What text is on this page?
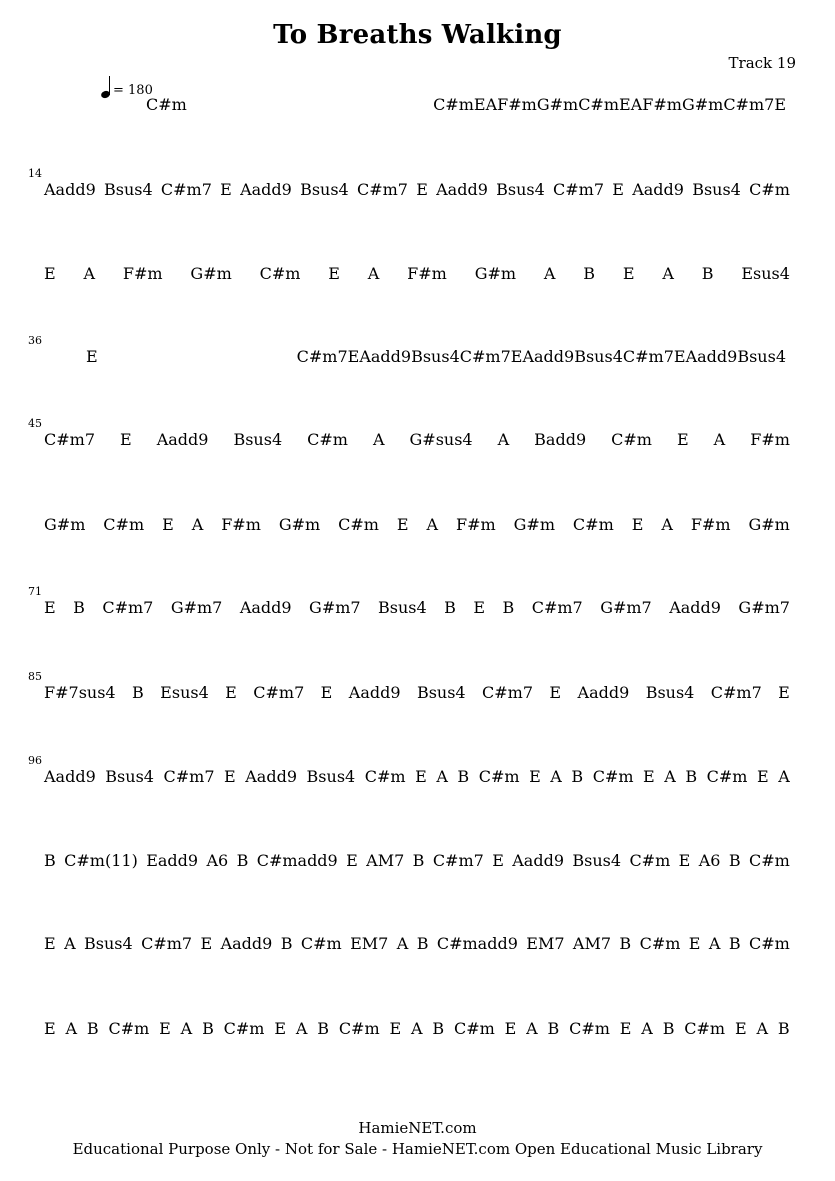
To Breaths Walking
Track 19
= 180
C#m	C#m E A F#m G#m C#m E A F#m G#m C#m7 E
14
Aadd9 Bsus4 C#m7 E Aadd9 Bsus4 C#m7 E Aadd9 Bsus4 C#m7 E Aadd9 Bsus4 C#m
E A F#m G#m C#m E A F#m G#m A B E A B Esus4
36
E	C#m7 E Aadd9 Bsus4 C#m7 E Aadd9 Bsus4 C#m7 E Aadd9 Bsus4
45
C#m7 E Aadd9 Bsus4 C#m A G#sus4 A Badd9 C#m E A F#m
G#m C#m E A F#m G#m C#m E A F#m G#m C#m E A F#m G#m
71
E B C#m7 G#m7 Aadd9 G#m7 Bsus4 B E B C#m7 G#m7 Aadd9 G#m7
85
F#7sus4 B Esus4 E C#m7 E Aadd9 Bsus4 C#m7 E Aadd9 Bsus4 C#m7 E
96
Aadd9 Bsus4 C#m7 E Aadd9 Bsus4 C#m E A B C#m E A B C#m E A B C#m E A
B C#m(11) Eadd9 A6 B C#madd9 E AM7 B C#m7 E Aadd9 Bsus4 C#m E A6 B C#m
E A Bsus4 C#m7 E Aadd9 B C#m EM7 A B C#madd9 EM7 AM7 B C#m E A B C#m
E A B C#m E A B C#m E A B C#m E A B C#m E A B C#m E A B C#m E A B
HamieNET.com
Educational Purpose Only - Not for Sale - HamieNET.com Open Educational Music Library
